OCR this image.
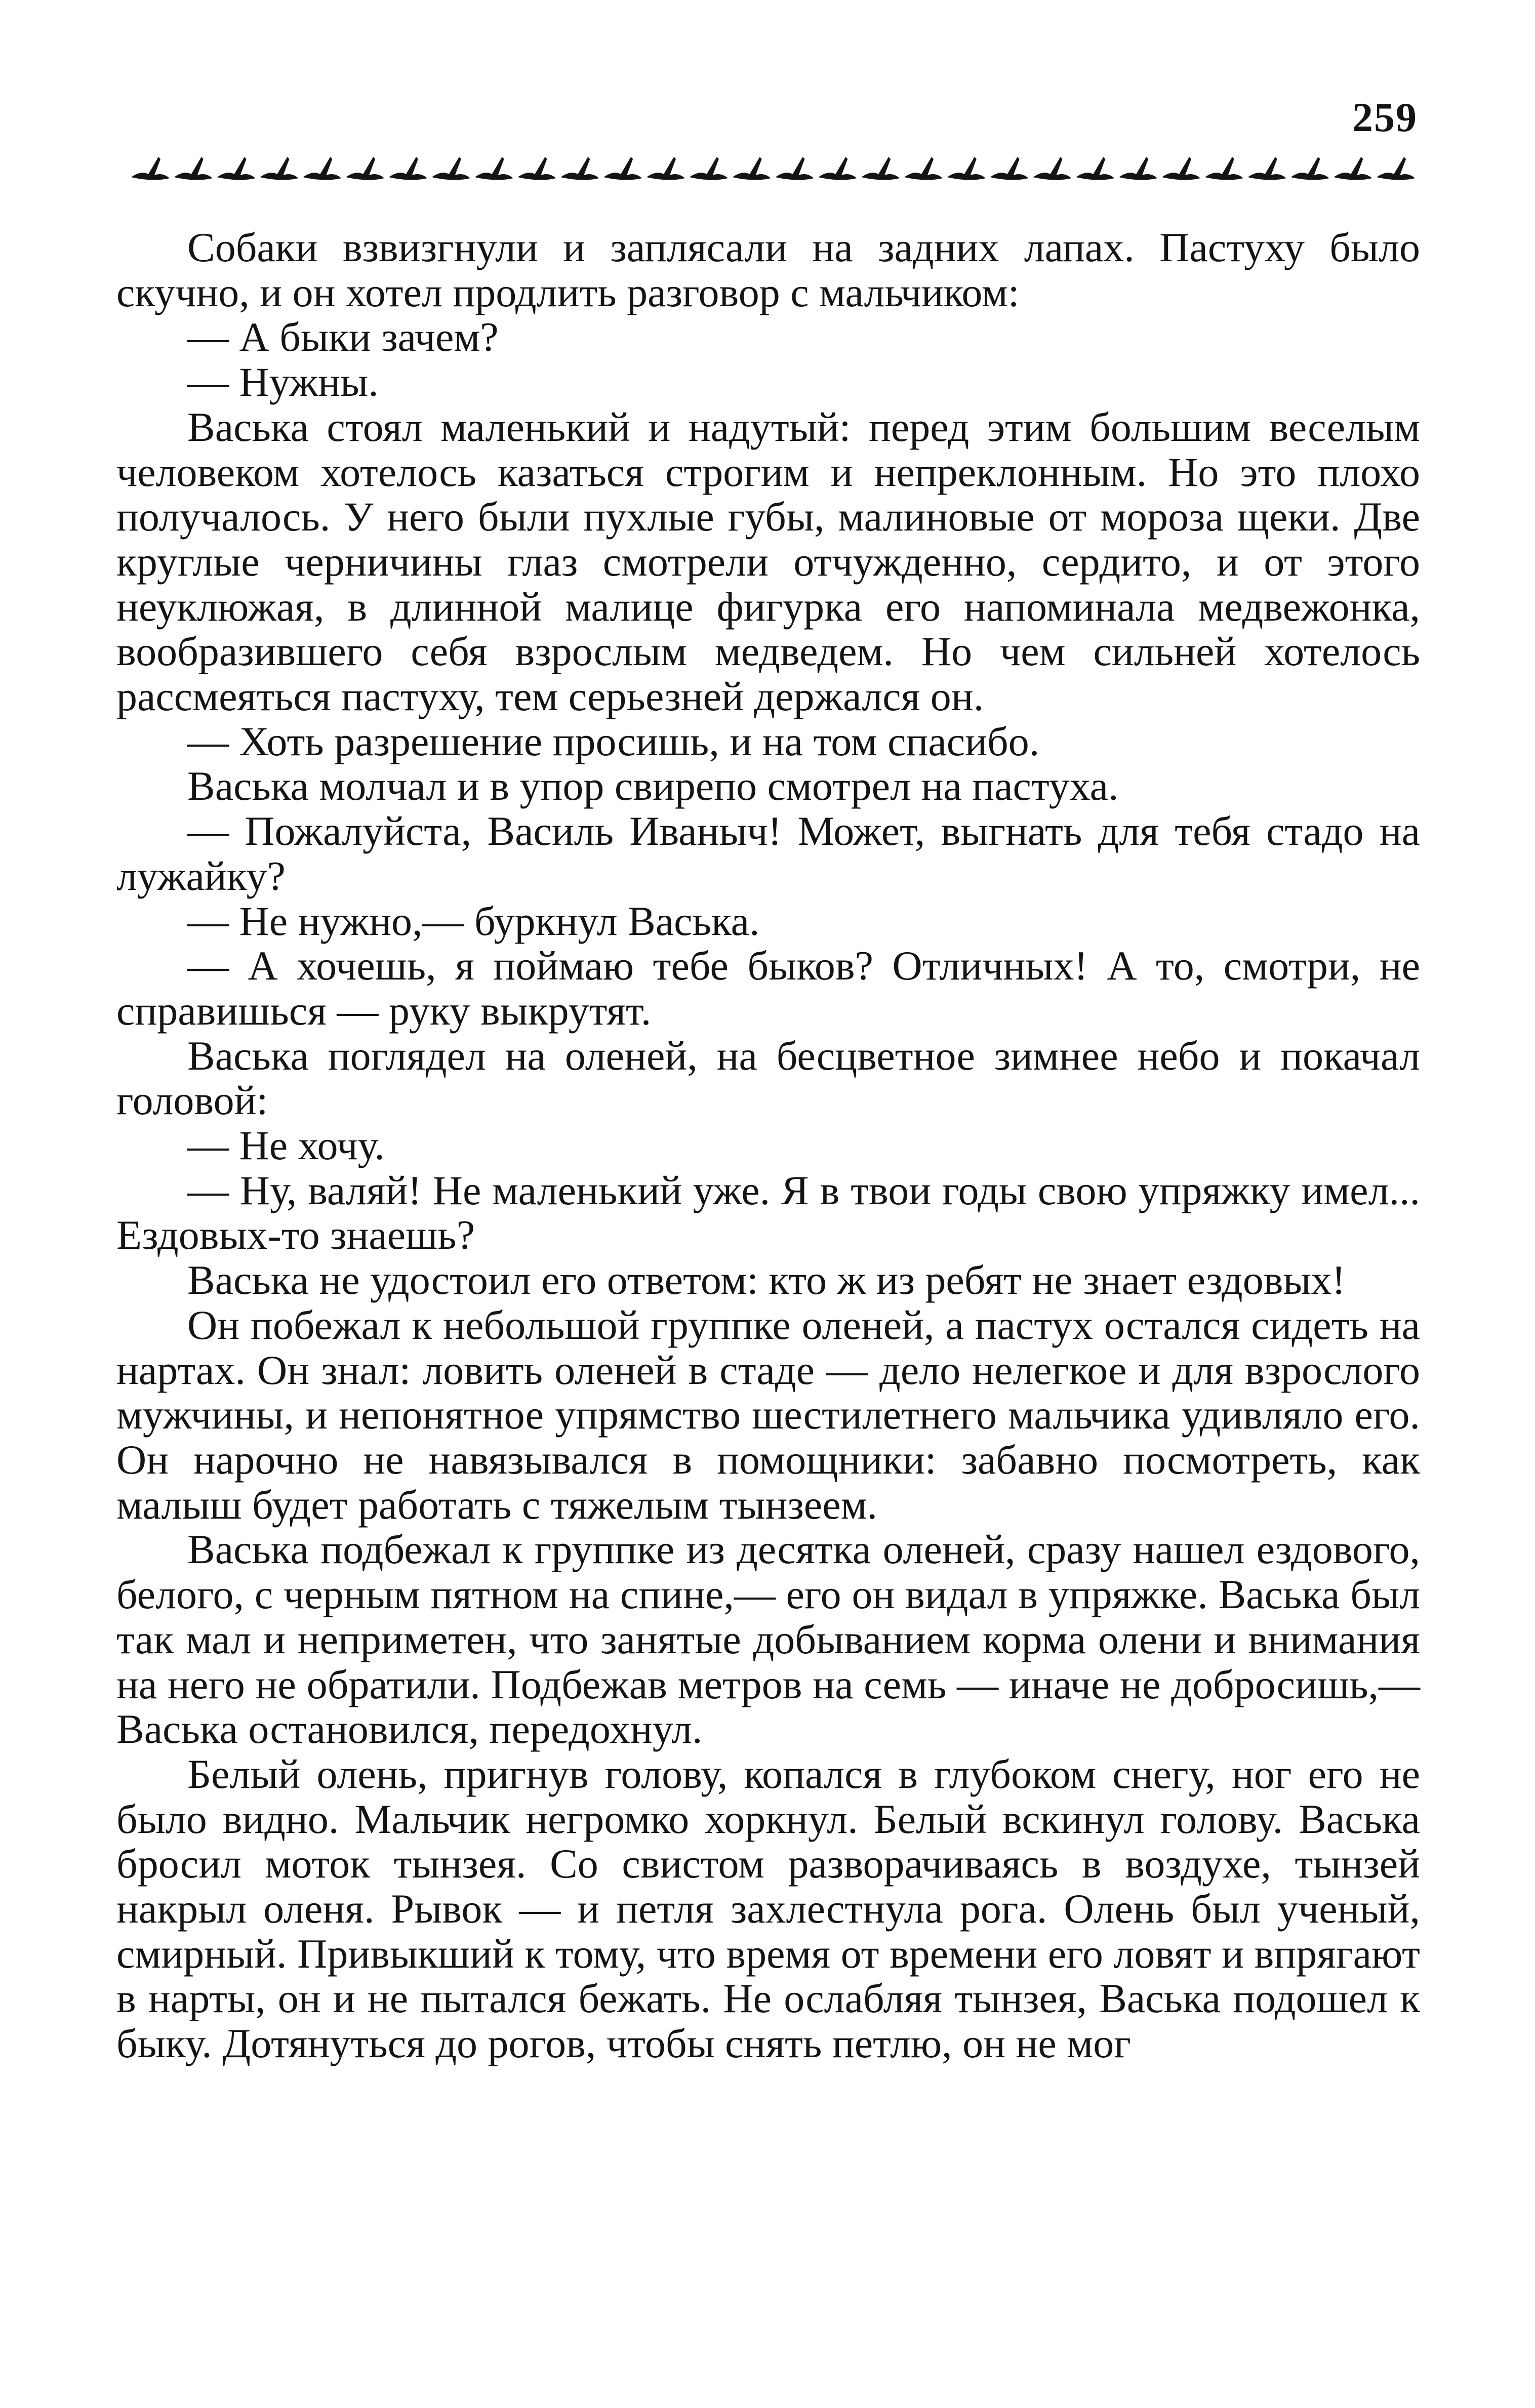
259

Собаки взвизгнули и заплясали на задних лапах. Пастуху было скучно, и он хотел продлить разговор с мальчиком:

— А быки зачем?

— Нужны.

Васька стоял маленький и надутый: перед этим большим веселым человеком хотелось казаться строгим и непреклонным. Но это плохо получалось. У него были пухлые губы, малиновые от мороза щеки. Две круглые черничины глаз смотрели отчужденно, сердито, и от этого неуклюжая, в длинной малице фигурка его напоминала медвежонка, вообразившего себя взрослым медведем. Но чем сильней хотелось рассмеяться пастуху, тем серьезней держался он.

— Хоть разрешение просишь, и на том спасибо.

Васька молчал и в упор свирепо смотрел на пастуха.

— Пожалуйста, Василь Иваныч! Может, выгнать для тебя стадо на лужайку?

— Не нужно,— буркнул Васька.

— А хочешь, я поймаю тебе быков? Отличных! А то, смотри, не справишься — руку выкрутят.

Васька поглядел на оленей, на бесцветное зимнее небо и покачал головой:

— Не хочу.

— Ну, валяй! Не маленький уже. Я в твои годы свою упряжку имел... Ездовых-то знаешь?

Васька не удостоил его ответом: кто ж из ребят не знает ездовых!

Он побежал к небольшой группке оленей, а пастух остался сидеть на нартах. Он знал: ловить оленей в стаде — дело нелегкое и для взрослого мужчины, и непонятное упрямство шестилетнего мальчика удивляло его. Он нарочно не навязывался в помощники: забавно посмотреть, как малыш будет работать с тяжелым тынзеем.

Васька подбежал к группке из десятка оленей, сразу нашел ездового, белого, с черным пятном на спине,— его он видал в упряжке. Васька был так мал и неприметен, что занятые добыванием корма олени и внимания на него не обратили. Подбежав метров на семь — иначе не добросишь,— Васька остановился, передохнул.

Белый олень, пригнув голову, копался в глубоком снегу, ног его не было видно. Мальчик негромко хоркнул. Белый вскинул голову. Васька бросил моток тынзея. Со свистом разворачиваясь в воздухе, тынзей накрыл оленя. Рывок — и петля захлестнула рога. Олень был ученый, смирный. Привыкший к тому, что время от времени его ловят и впрягают в нарты, он и не пытался бежать. Не ослабляя тынзея, Васька подошел к быку. Дотянуться до рогов, чтобы снять петлю, он не мог
